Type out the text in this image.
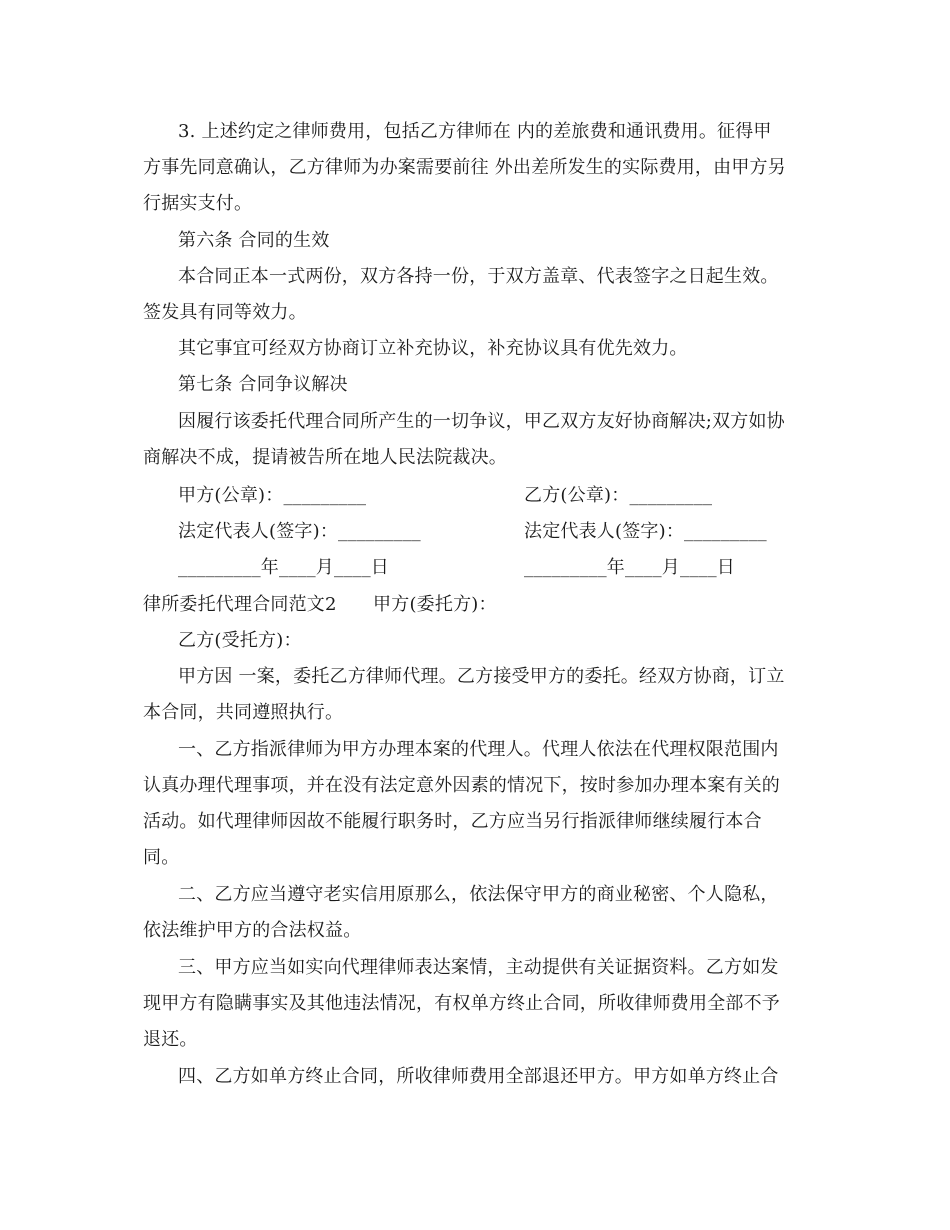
3. 上述约定之律师费用，包括乙方律师在 内的差旅费和通讯费用。征得甲
方事先同意确认，乙方律师为办案需要前往 外出差所发生的实际费用，由甲方另
行据实支付。
第六条 合同的生效
本合同正本一式两份，双方各持一份，于双方盖章、代表签字之日起生效。
签发具有同等效力。
其它事宜可经双方协商订立补充协议，补充协议具有优先效力。
第七条 合同争议解决
因履行该委托代理合同所产生的一切争议，甲乙双方友好协商解决;双方如协
商解决不成，提请被告所在地人民法院裁决。
甲方(公章)：_________	乙方(公章)：_________
法定代表人(签字)：_________	法定代表人(签字)：_________
_________年____月____日	_________年____月____日
律所委托代理合同范文2　　甲方(委托方)：
乙方(受托方)：
甲方因 一案，委托乙方律师代理。乙方接受甲方的委托。经双方协商，订立
本合同，共同遵照执行。
一、乙方指派律师为甲方办理本案的代理人。代理人依法在代理权限范围内
认真办理代理事项，并在没有法定意外因素的情况下，按时参加办理本案有关的
活动。如代理律师因故不能履行职务时，乙方应当另行指派律师继续履行本合
同。
二、乙方应当遵守老实信用原那么，依法保守甲方的商业秘密、个人隐私，
依法维护甲方的合法权益。
三、甲方应当如实向代理律师表达案情，主动提供有关证据资料。乙方如发
现甲方有隐瞒事实及其他违法情况，有权单方终止合同，所收律师费用全部不予
退还。
四、乙方如单方终止合同，所收律师费用全部退还甲方。甲方如单方终止合
